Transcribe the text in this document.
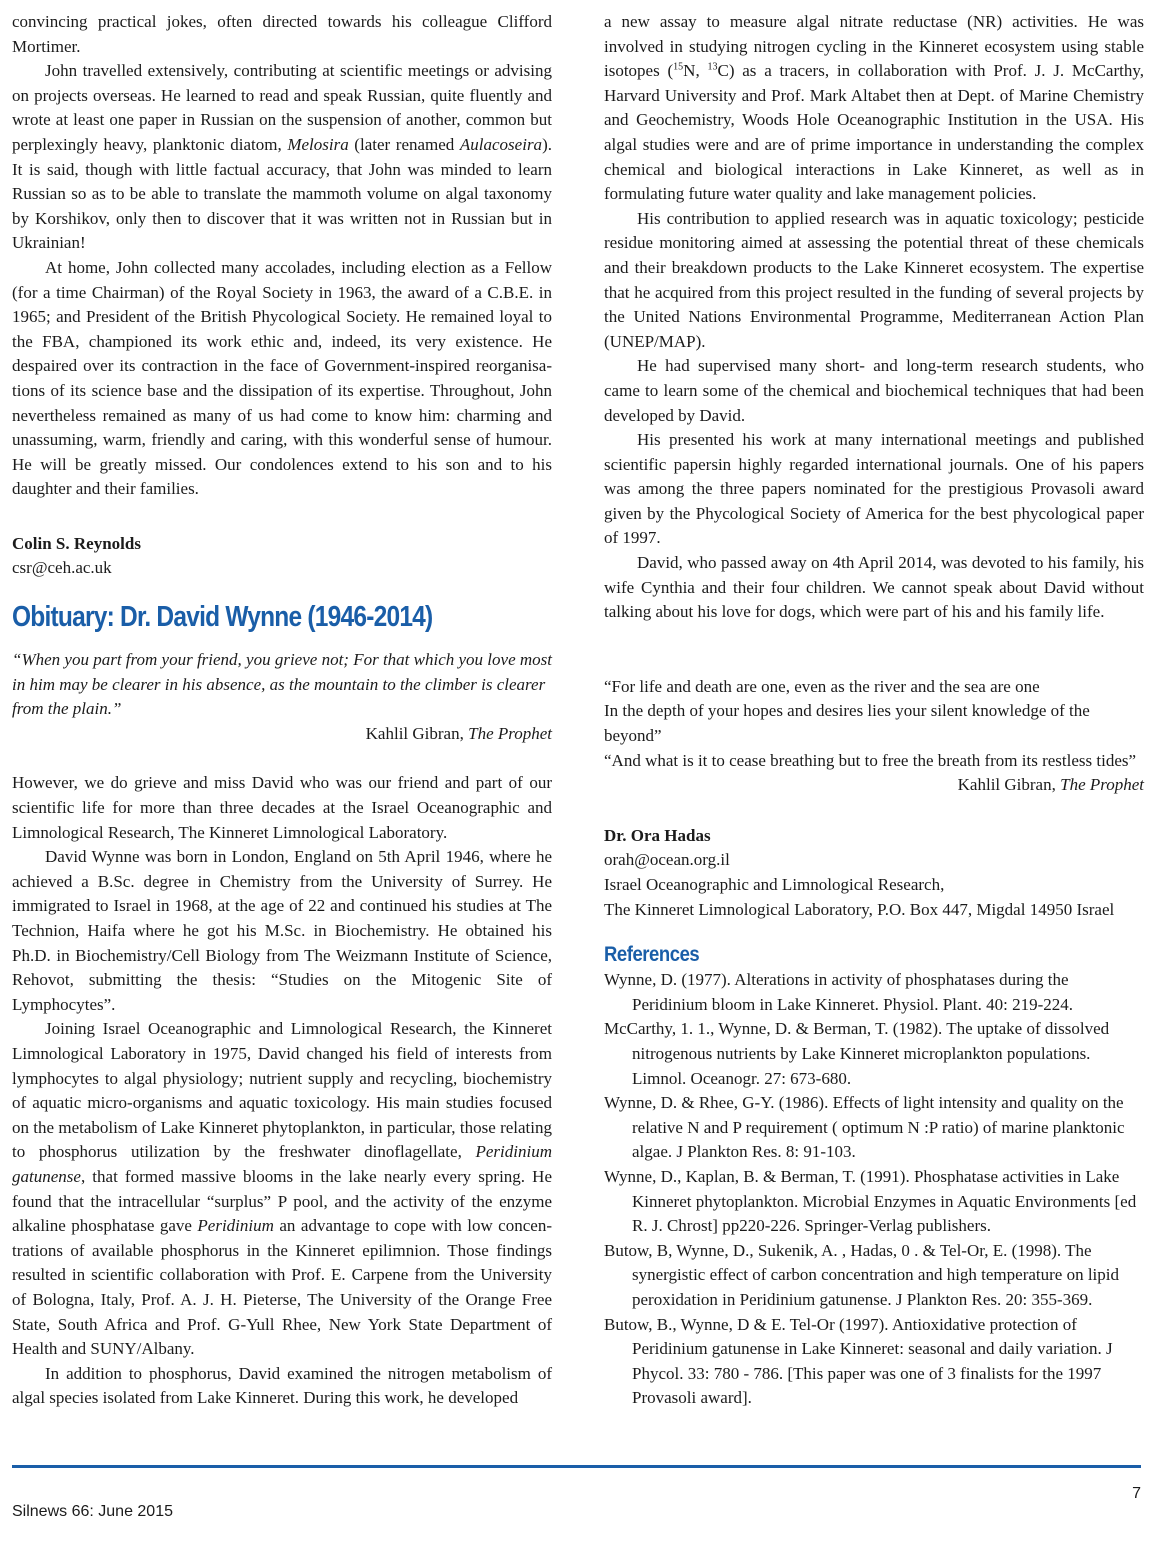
convincing practical jokes, often directed towards his colleague Clifford Mortimer.

John travelled extensively, contributing at scientific meetings or advising on projects overseas. He learned to read and speak Russian, quite fluently and wrote at least one paper in Russian on the suspension of another, common but perplexingly heavy, planktonic diatom, Melosira (later renamed Aulacoseira). It is said, though with little factual accuracy, that John was minded to learn Russian so as to be able to translate the mammoth volume on algal taxonomy by Korshikov, only then to discover that it was written not in Russian but in Ukrainian!

At home, John collected many accolades, including election as a Fellow (for a time Chairman) of the Royal Society in 1963, the award of a C.B.E. in 1965; and President of the British Phycological Society. He remained loyal to the FBA, championed its work ethic and, indeed, its very existence. He despaired over its contraction in the face of Government-inspired reorganisations of its science base and the dissipation of its expertise. Throughout, John nevertheless remained as many of us had come to know him: charming and unassuming, warm, friendly and caring, with this wonderful sense of humour. He will be greatly missed. Our condolences extend to his son and to his daughter and their families.

Colin S. Reynolds
csr@ceh.ac.uk
Obituary: Dr. David Wynne (1946-2014)
“When you part from your friend, you grieve not; For that which you love most in him may be clearer in his absence, as the mountain to the climber is clearer from the plain.”
Kahlil Gibran, The Prophet

However, we do grieve and miss David who was our friend and part of our scientific life for more than three decades at the Israel Oceanographic and Limnological Research, The Kinneret Limnological Laboratory.

David Wynne was born in London, England on 5th April 1946, where he achieved a B.Sc. degree in Chemistry from the University of Surrey. He immigrated to Israel in 1968, at the age of 22 and continued his studies at The Technion, Haifa where he got his M.Sc. in Biochemistry. He obtained his Ph.D. in Biochemistry/Cell Biology from The Weizmann Institute of Science, Rehovot, submitting the thesis: “Studies on the Mitogenic Site of Lymphocytes”.

Joining Israel Oceanographic and Limnological Research, the Kinneret Limnological Laboratory in 1975, David changed his field of interests from lymphocytes to algal physiology; nutrient supply and recycling, biochemistry of aquatic micro-organisms and aquatic toxicology. His main studies focused on the metabolism of Lake Kinneret phytoplankton, in particular, those relating to phosphorus utilization by the freshwater dinoflagellate, Peridinium gatunense, that formed massive blooms in the lake nearly every spring. He found that the intracellular “surplus” P pool, and the activity of the enzyme alkaline phosphatase gave Peridinium an advantage to cope with low concentrations of available phosphorus in the Kinneret epilimnion. Those findings resulted in scientific collaboration with Prof. E. Carpene from the University of Bologna, Italy, Prof. A. J. H. Pieterse, The University of the Orange Free State, South Africa and Prof. G-Yull Rhee, New York State Department of Health and SUNY/Albany.

In addition to phosphorus, David examined the nitrogen metabolism of algal species isolated from Lake Kinneret. During this work, he developed

a new assay to measure algal nitrate reductase (NR) activities. He was involved in studying nitrogen cycling in the Kinneret ecosystem using stable isotopes ($^{15}$N, $^{13}$C) as a tracers, in collaboration with Prof. J. J. McCarthy, Harvard University and Prof. Mark Altabet then at Dept. of Marine Chemistry and Geochemistry, Woods Hole Oceanographic Institution in the USA. His algal studies were and are of prime importance in understanding the complex chemical and biological interactions in Lake Kinneret, as well as in formulating future water quality and lake management policies.

His contribution to applied research was in aquatic toxicology; pesticide residue monitoring aimed at assessing the potential threat of these chemicals and their breakdown products to the Lake Kinneret ecosystem. The expertise that he acquired from this project resulted in the funding of several projects by the United Nations Environmental Programme, Mediterranean Action Plan (UNEP/MAP).

He had supervised many short- and long-term research students, who came to learn some of the chemical and biochemical techniques that had been developed by David.

His presented his work at many international meetings and published scientific papersin highly regarded international journals. One of his papers was among the three papers nominated for the prestigious Provasoli award given by the Phycological Society of America for the best phycological paper of 1997.

David, who passed away on 4th April 2014, was devoted to his family, his wife Cynthia and their four children. We cannot speak about David without talking about his love for dogs, which were part of his and his family life.

“For life and death are one, even as the river and the sea are one

In the depth of your hopes and desires lies your silent knowledge of the beyond”

“And what is it to cease breathing but to free the breath from its restless tides”

Kahlil Gibran, The Prophet
Dr. Ora Hadas
orah@ocean.org.il
Israel Oceanographic and Limnological Research,
The Kinneret Limnological Laboratory, P.O. Box 447, Migdal 14950 Israel
References

Wynne, D. (1977). Alterations in activity of phosphatases during the Peridinium bloom in Lake Kinneret. Physiol. Plant. 40: 219-224.

McCarthy, 1. 1., Wynne, D. & Berman, T. (1982). The uptake of dissolved nitrogenous nutrients by Lake Kinneret microplankton populations. Limnol. Oceanogr. 27: 673-680.

Wynne, D. & Rhee, G-Y. (1986). Effects of light intensity and quality on the relative N and P requirement ( optimum N :P ratio) of marine planktonic algae. J Plankton Res. 8: 91-103.

Wynne, D., Kaplan, B. & Berman, T. (1991). Phosphatase activities in Lake Kinneret phytoplankton. Microbial Enzymes in Aquatic Environments [ed R. J. Chrost] pp220-226. Springer-Verlag publishers.

Butow, B, Wynne, D., Sukenik, A. , Hadas, 0 . & Tel-Or, E. (1998). The synergistic effect of carbon concentration and high temperature on lipid peroxidation in Peridinium gatunense. J Plankton Res. 20: 355-369.

Butow, B., Wynne, D & E. Tel-Or (1997). Antioxidative protection of Peridinium gatunense in Lake Kinneret: seasonal and daily variation. J Phycol. 33: 780 - 786. [This paper was one of 3 finalists for the 1997 Provasoli award].

7
Silnews 66: June 2015
